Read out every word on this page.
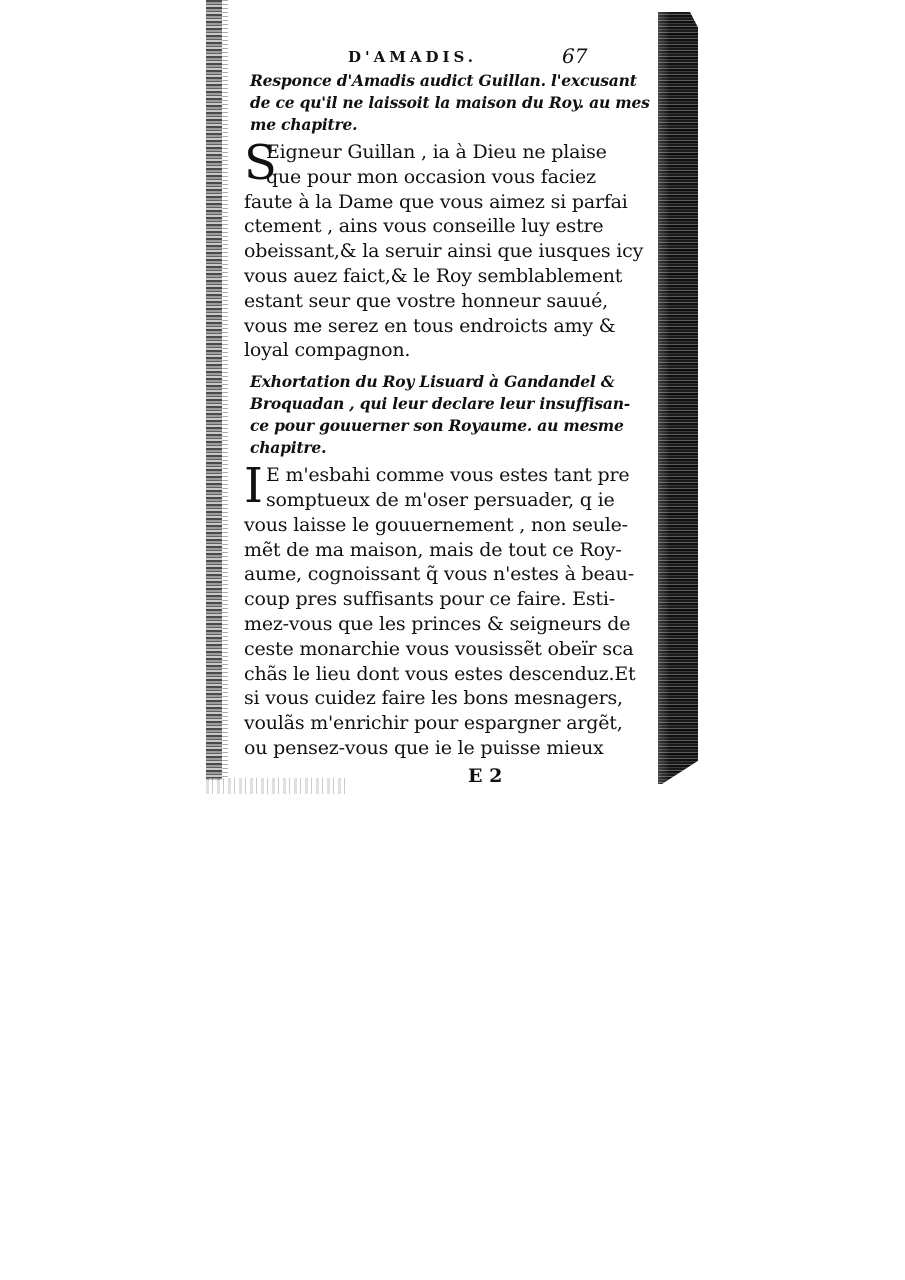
D'AMADIS.	67
Responce d'Amadis audict Guillan. l'excusant
de ce qu'il ne laissoit la maison du Roy. au mes
me chapitre.
S
Eigneur Guillan , ia à Dieu ne plaise
que pour mon occasion vous faciez
faute à la Dame que vous aimez si parfai
ctement , ains vous conseille luy estre
obeissant,& la seruir ainsi que iusques icy
vous auez faict,& le Roy semblablement
estant seur que vostre honneur sauué,
vous me serez en tous endroicts amy &
loyal compagnon.
Exhortation du Roy Lisuard à Gandandel &
Broquadan , qui leur declare leur insuffisan-
ce pour gouuerner son Royaume. au mesme
chapitre.
I E m'esbahi comme vous estes tant pre
somptueux de m'oser persuader, q ie
vous laisse le gouuernement , non seule-
mẽt de ma maison, mais de tout ce Roy-
aume, cognoissant q̃ vous n'estes à beau-
coup pres suffisants pour ce faire. Esti-
mez-vous que les princes & seigneurs de
ceste monarchie vous vousissẽt obeïr sca
chãs le lieu dont vous estes descenduz.Et
si vous cuidez faire les bons mesnagers,
voulãs m'enrichir pour espargner argẽt,
ou pensez-vous que ie le puisse mieux
E 2
